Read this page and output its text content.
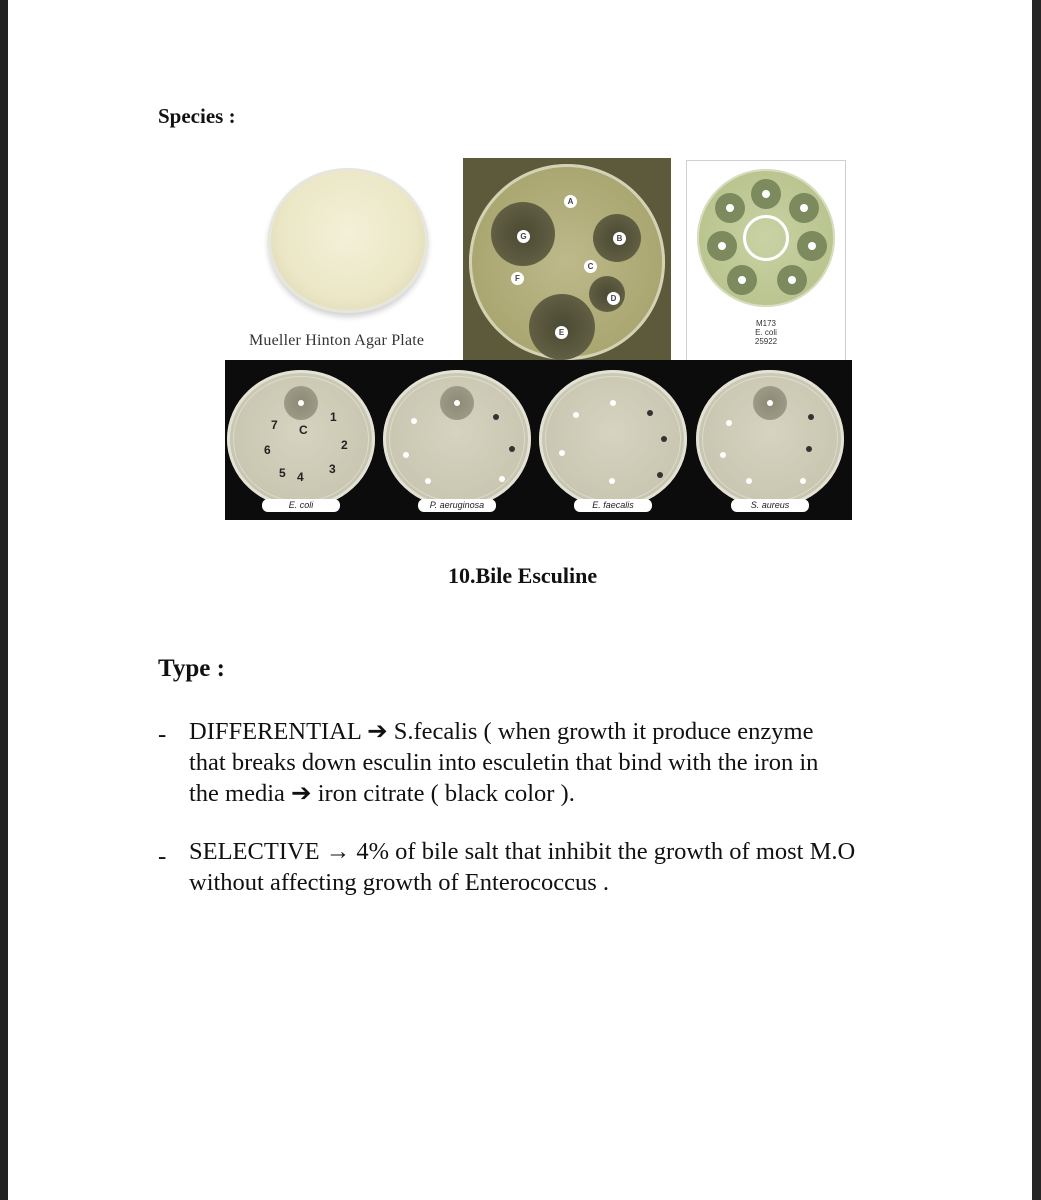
Species :
Mueller Hinton Agar Plate
A
B
C
D
E
F
G
M173
E. coli
25922
1
2
3
4
5
6
7 C
E. coli	P. aeruginosa	E. faecalis	S. aureus
10.Bile Esculine
Type :
- DIFFERENTIAL ➔ S.fecalis ( when growth it produce enzyme
that breaks down esculin into esculetin that bind with the iron in
the media ➔ iron citrate ( black color ).
- SELECTIVE → 4% of bile salt that inhibit the growth of most M.O
without affecting growth of Enterococcus .
